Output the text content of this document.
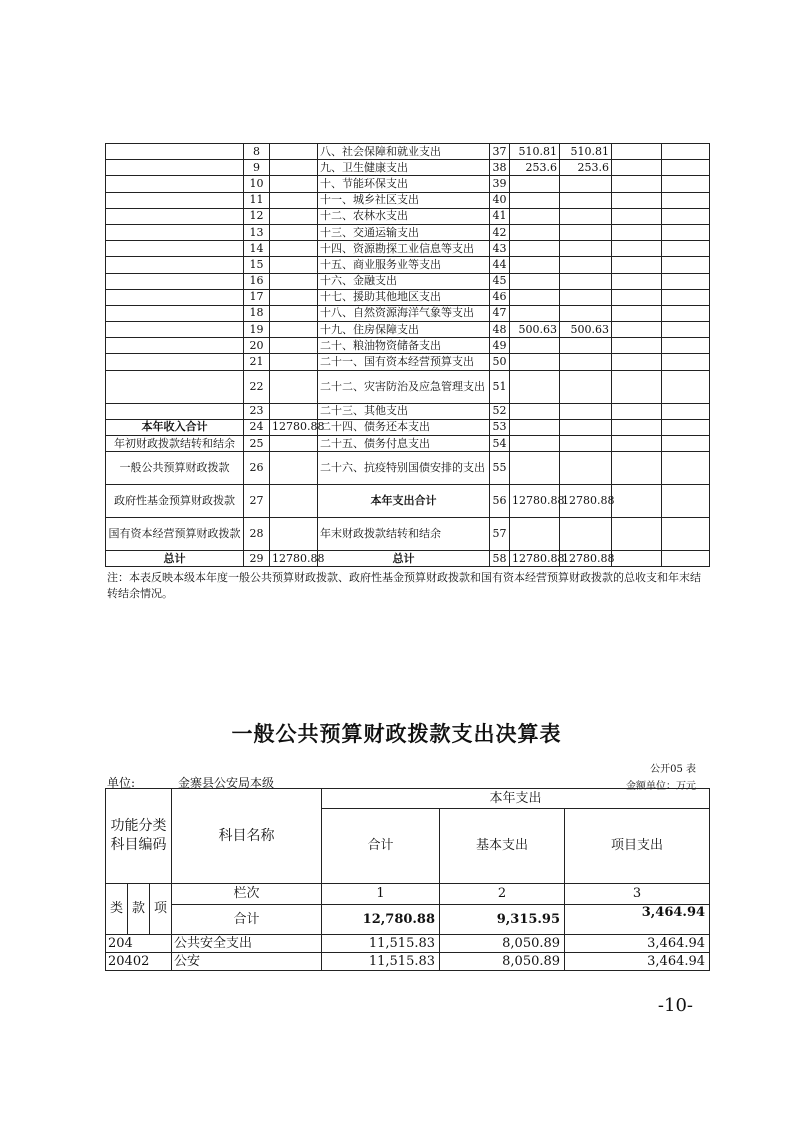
	8		八、社会保障和就业支出	37	510.81	510.81		
	9		九、卫生健康支出	38	253.6	253.6		
	10		十、节能环保支出	39				
	11		十一、城乡社区支出	40				
	12		十二、农林水支出	41				
	13		十三、交通运输支出	42				
	14		十四、资源勘探工业信息等支出	43				
	15		十五、商业服务业等支出	44				
	16		十六、金融支出	45				
	17		十七、援助其他地区支出	46				
	18		十八、自然资源海洋气象等支出	47				
	19		十九、住房保障支出	48	500.63	500.63		
	20		二十、粮油物资储备支出	49				
	21		二十一、国有资本经营预算支出	50				
	22		二十二、灾害防治及应急管理支出	51				
	23		二十三、其他支出	52				
本年收入合计	24	12780.88	二十四、债务还本支出	53				
年初财政拨款结转和结余	25		二十五、债务付息支出	54				
一般公共预算财政拨款	26		二十六、抗疫特别国债安排的支出	55				
政府性基金预算财政拨款	27		本年支出合计	56	12780.88	12780.88		
国有资本经营预算财政拨款	28		年末财政拨款结转和结余	57				
总计	29	12780.88	总计	58	12780.88	12780.88		
注：本表反映本级本年度一般公共预算财政拨款、政府性基金预算财政拨款和国有资本经营预算财政拨款的总收支和年末结转结余情况。
一般公共预算财政拨款支出决算表
公开05 表
单位:	金寨县公安局本级	金额单位：万元
功能分类科目编码			科目名称	本年支出		
				合计	基本支出	项目支出

类	款	项	栏次	1	2	3
			合计	12,780.88	9,315.95	3,464.94
204			公共安全支出	11,515.83	8,050.89	3,464.94
20402			公安	11,515.83	8,050.89	3,464.94
-10-
